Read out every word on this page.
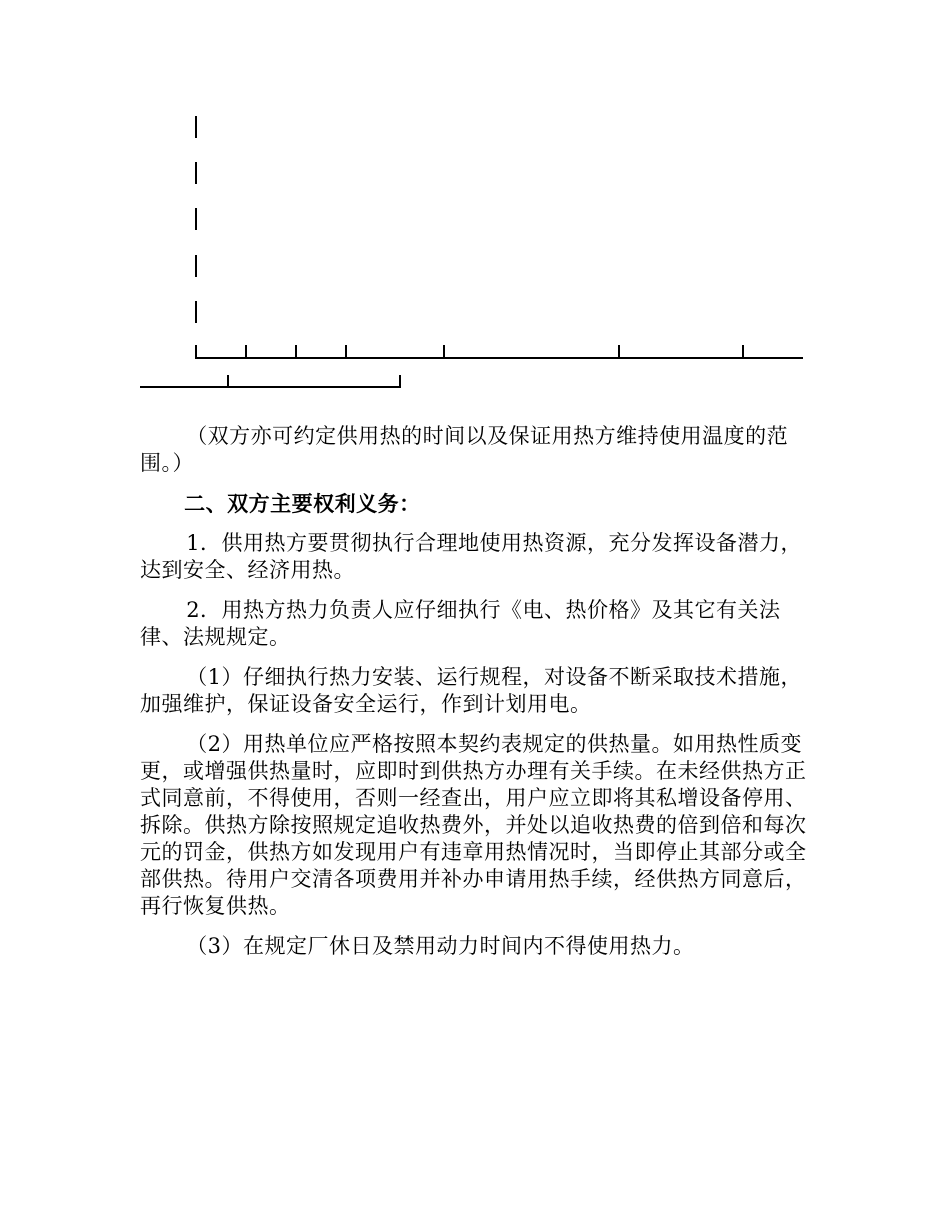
（双方亦可约定供用热的时间以及保证用热方维持使用温度的范围。）

二、双方主要权利义务：

1．供用热方要贯彻执行合理地使用热资源，充分发挥设备潜力，达到安全、经济用热。

2．用热方热力负责人应仔细执行《电、热价格》及其它有关法律、法规规定。

（1）仔细执行热力安装、运行规程，对设备不断采取技术措施，加强维护，保证设备安全运行，作到计划用电。

（2）用热单位应严格按照本契约表规定的供热量。如用热性质变更，或增强供热量时，应即时到供热方办理有关手续。在未经供热方正式同意前，不得使用，否则一经查出，用户应立即将其私增设备停用、拆除。供热方除按照规定追收热费外，并处以追收热费的倍到倍和每次元的罚金，供热方如发现用户有违章用热情况时，当即停止其部分或全部供热。待用户交清各项费用并补办申请用热手续，经供热方同意后，再行恢复供热。

（3）在规定厂休日及禁用动力时间内不得使用热力。
